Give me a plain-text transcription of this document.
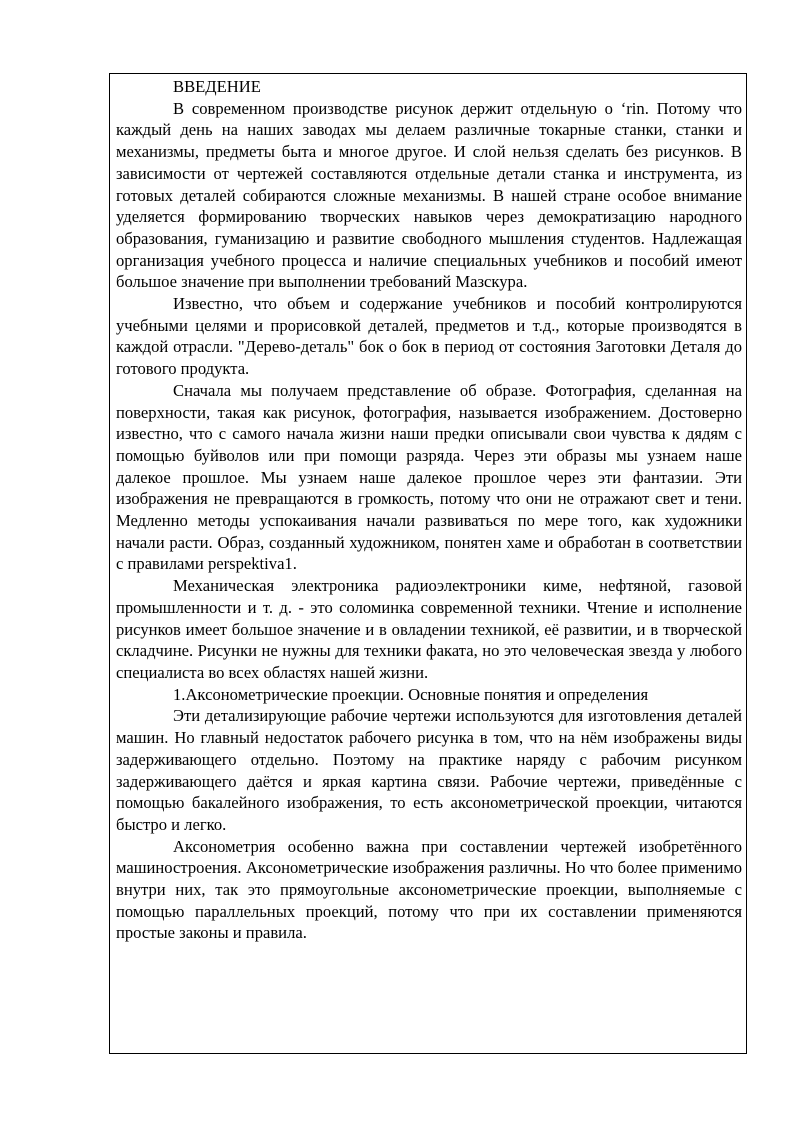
ВВЕДЕНИЕ

В современном производстве рисунок держит отдельную о ‘rin. Потому что каждый день на наших заводах мы делаем различные токарные станки, станки и механизмы, предметы быта и многое другое. И слой нельзя сделать без рисунков. В зависимости от чертежей составляются отдельные детали станка и инструмента, из готовых деталей собираются сложные механизмы. В нашей стране особое внимание уделяется формированию творческих навыков через демократизацию народного образования, гуманизацию и развитие свободного мышления студентов. Надлежащая организация учебного процесса и наличие специальных учебников и пособий имеют большое значение при выполнении требований Мазскура.

Известно, что объем и содержание учебников и пособий контролируются учебными целями и прорисовкой деталей, предметов и т.д., которые производятся в каждой отрасли. "Дерево-деталь" бок о бок в период от состояния Заготовки Деталя до готового продукта.

Сначала мы получаем представление об образе. Фотография, сделанная на поверхности, такая как рисунок, фотография, называется изображением. Достоверно известно, что с самого начала жизни наши предки описывали свои чувства к дядям с помощью буйволов или при помощи разряда. Через эти образы мы узнаем наше далекое прошлое. Мы узнаем наше далекое прошлое через эти фантазии. Эти изображения не превращаются в громкость, потому что они не отражают свет и тени. Медленно методы успокаивания начали развиваться по мере того, как художники начали расти. Образ, созданный художником, понятен хаме и обработан в соответствии с правилами perspektiva1.

Механическая электроника радиоэлектроники киме, нефтяной, газовой промышленности и т. д. - это соломинка современной техники. Чтение и исполнение рисунков имеет большое значение и в овладении техникой, её развитии, и в творческой складчине. Рисунки не нужны для техники факата, но это человеческая звезда у любого специалиста во всех областях нашей жизни.

1.Аксонометрические проекции. Основные понятия и определения

Эти детализирующие рабочие чертежи используются для изготовления деталей машин. Но главный недостаток рабочего рисунка в том, что на нём изображены виды задерживающего отдельно. Поэтому на практике наряду с рабочим рисунком задерживающего даётся и яркая картина связи. Рабочие чертежи, приведённые с помощью бакалейного изображения, то есть аксонометрической проекции, читаются быстро и легко.

Аксонометрия особенно важна при составлении чертежей изобретённого машиностроения. Аксонометрические изображения различны. Но что более применимо внутри них, так это прямоугольные аксонометрические проекции, выполняемые с помощью параллельных проекций, потому что при их составлении применяются простые законы и правила.
